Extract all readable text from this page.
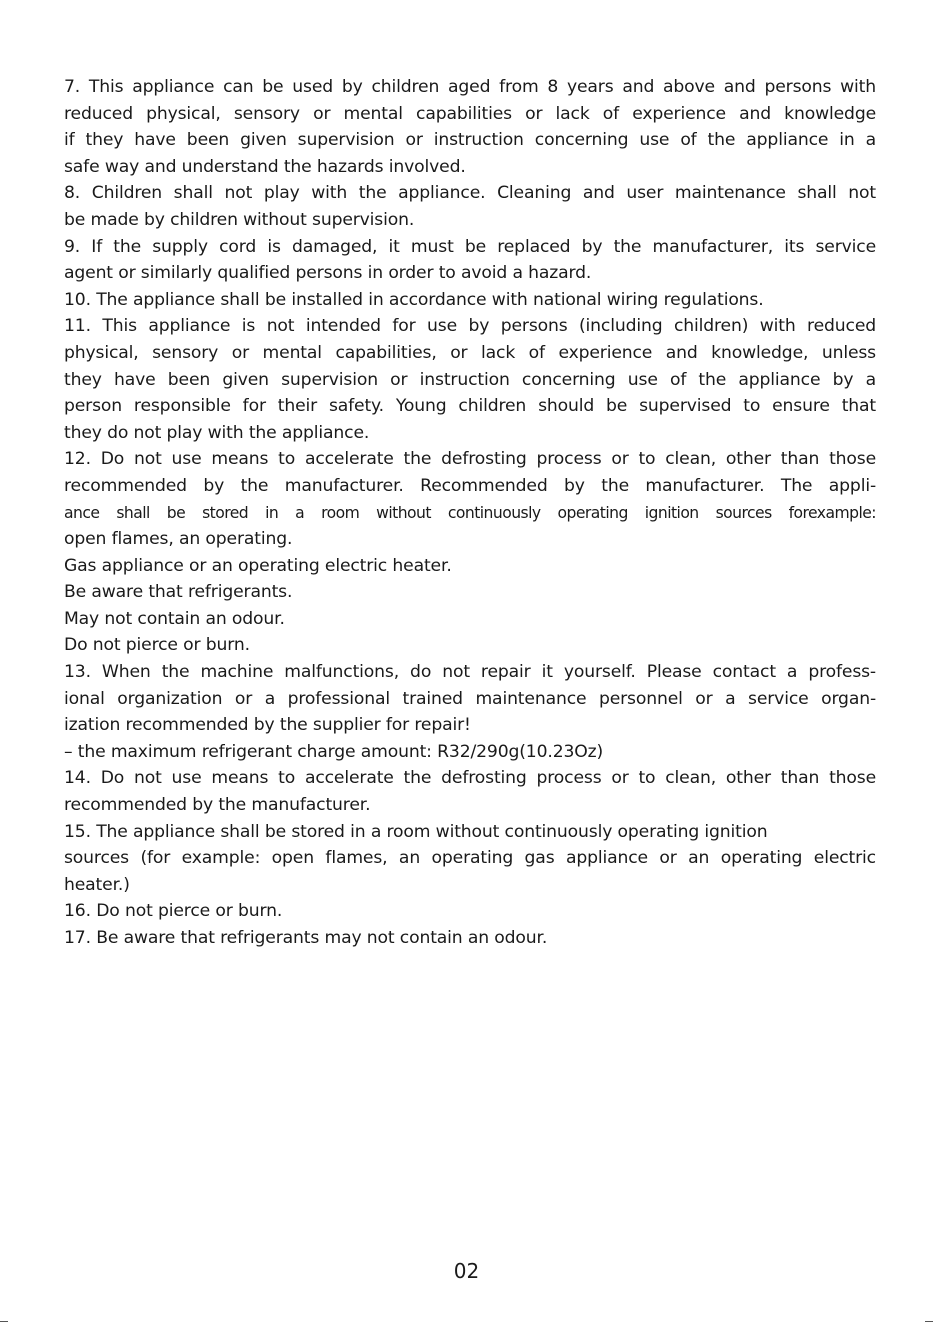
7. This appliance can be used by children aged from 8 years and above and persons with
reduced physical, sensory or mental capabilities or lack of experience and knowledge
if they have been given supervision or instruction concerning use of the appliance in a
safe way and understand the hazards involved.
8. Children shall not play with the appliance. Cleaning and user maintenance shall not
be made by children without supervision.
9. If the supply cord is damaged, it must be replaced by the manufacturer, its service
agent or similarly qualified persons in order to avoid a hazard.
10. The appliance shall be installed in accordance with national wiring regulations.
11. This appliance is not intended for use by persons (including children) with reduced
physical, sensory or mental capabilities, or lack of experience and knowledge, unless
they have been given supervision or instruction concerning use of the appliance by a
person responsible for their safety. Young children should be supervised to ensure that
they do not play with the appliance.
12. Do not use means to accelerate the defrosting process or to clean, other than those
recommended by the manufacturer. Recommended by the manufacturer. The appli-
ance shall be stored in a room without continuously operating ignition sources forexample:
open flames, an operating.
Gas appliance or an operating electric heater.
Be aware that refrigerants.
May not contain an odour.
Do not pierce or burn.
13. When the machine malfunctions, do not repair it yourself. Please contact a profess-
ional organization or a professional trained maintenance personnel or a service organ-
ization recommended by the supplier for repair!
– the maximum refrigerant charge amount: R32/290g(10.23Oz)
14. Do not use means to accelerate the defrosting process or to clean, other than those
recommended by the manufacturer.
15. The appliance shall be stored in a room without continuously operating ignition
sources (for example: open flames, an operating gas appliance or an operating electric
heater.)
16. Do not pierce or burn.
17. Be aware that refrigerants may not contain an odour.
02
